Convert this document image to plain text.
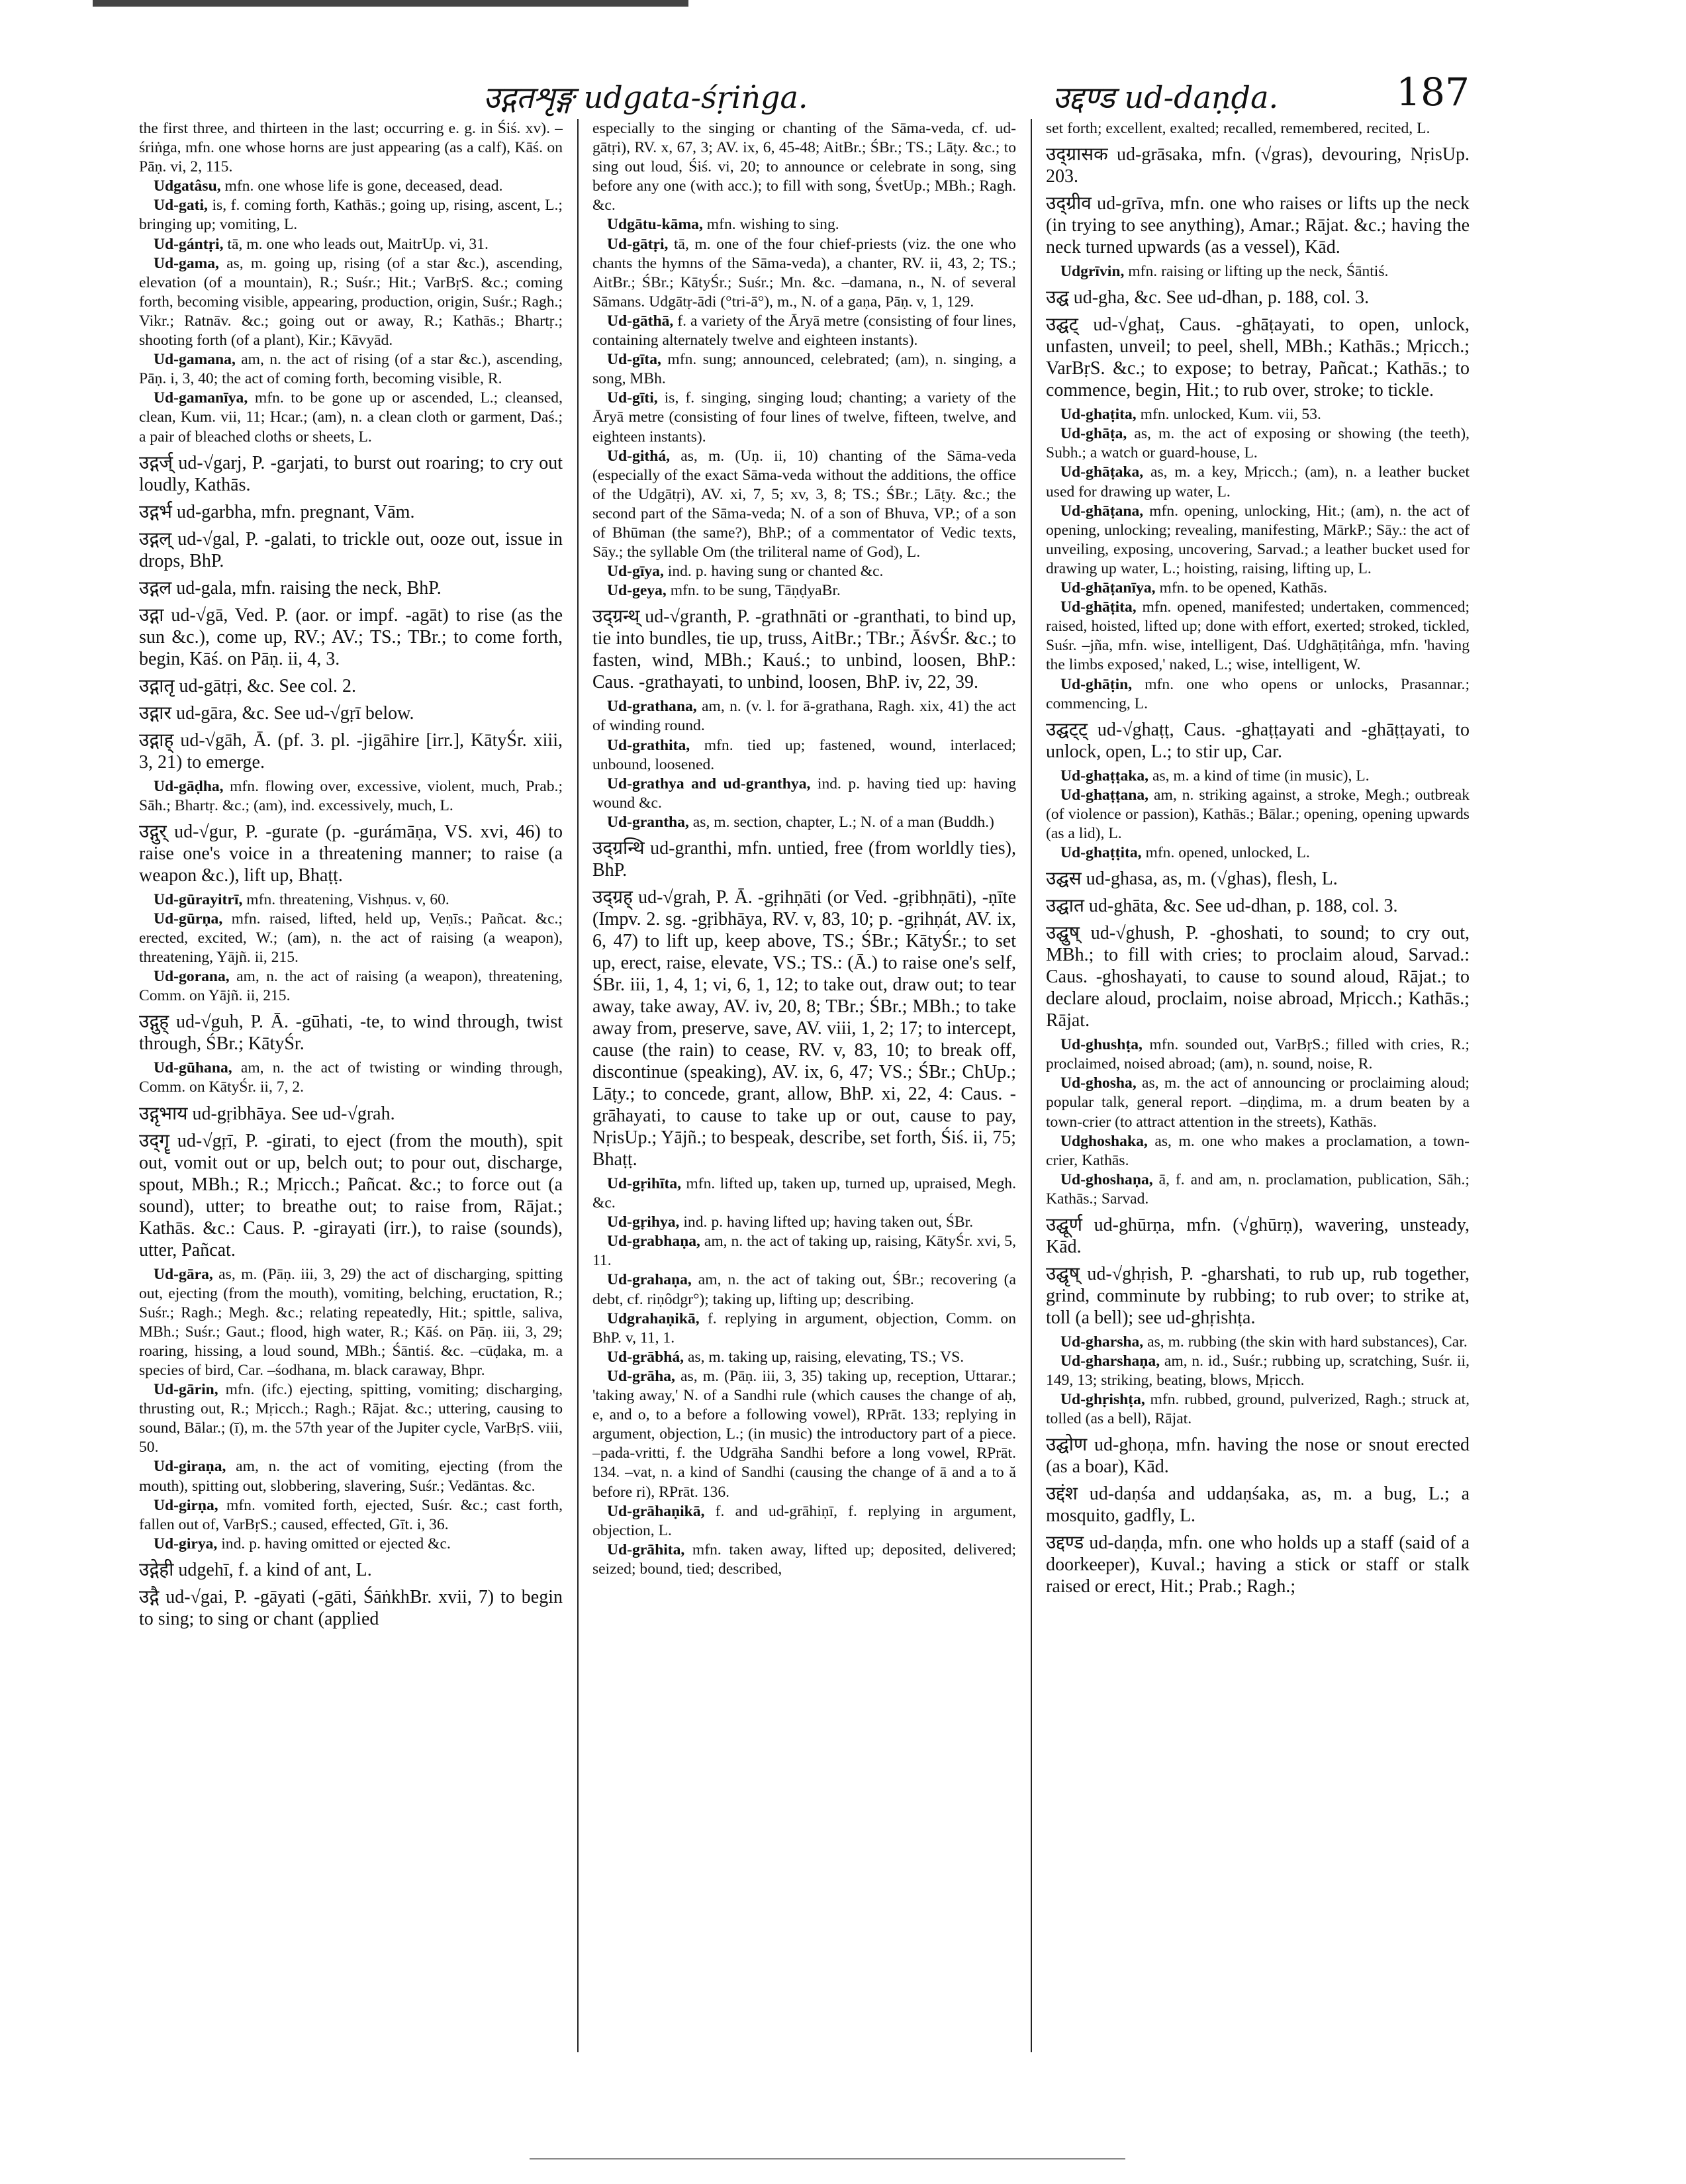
उद्गतशृङ्ग udgata-śṛiṅga.	उद्दण्ड ud-daṇḍa.	187

the first three, and thirteen in the last; occurring e. g. in Śiś. xv). –śriṅga, mfn. one whose horns are just appearing (as a calf), Kāś. on Pāṇ. vi, 2, 115.

Udgatâsu, mfn. one whose life is gone, deceased, dead.

Ud-gati, is, f. coming forth, Kathās.; going up, rising, ascent, L.; bringing up; vomiting, L.

Ud-gántṛi, tā, m. one who leads out, MaitrUp. vi, 31.

Ud-gama, as, m. going up, rising (of a star &c.), ascending, elevation (of a mountain), R.; Suśr.; Hit.; VarBṛS. &c.; coming forth, becoming visible, appearing, production, origin, Suśr.; Ragh.; Vikr.; Ratnāv. &c.; going out or away, R.; Kathās.; Bhartṛ.; shooting forth (of a plant), Kir.; Kāvyād.

Ud-gamana, am, n. the act of rising (of a star &c.), ascending, Pāṇ. i, 3, 40; the act of coming forth, becoming visible, R.

Ud-gamanīya, mfn. to be gone up or ascended, L.; cleansed, clean, Kum. vii, 11; Hcar.; (am), n. a clean cloth or garment, Daś.; a pair of bleached cloths or sheets, L.

उद्गर्ज् ud-√garj, P. -garjati, to burst out roaring; to cry out loudly, Kathās.

उद्गर्भ ud-garbha, mfn. pregnant, Vām.

उद्गल् ud-√gal, P. -galati, to trickle out, ooze out, issue in drops, BhP.

उद्गल ud-gala, mfn. raising the neck, BhP.

उद्गा ud-√gā, Ved. P. (aor. or impf. -agāt) to rise (as the sun &c.), come up, RV.; AV.; TS.; TBr.; to come forth, begin, Kāś. on Pāṇ. ii, 4, 3.

उद्गातृ ud-gātṛi, &c. See col. 2.

उद्गार ud-gāra, &c. See ud-√gṛī below.

उद्गाह् ud-√gāh, Ā. (pf. 3. pl. -jigāhire [irr.], KātyŚr. xiii, 3, 21) to emerge.

Ud-gāḍha, mfn. flowing over, excessive, violent, much, Prab.; Sāh.; Bhartṛ. &c.; (am), ind. excessively, much, L.

उद्गुर् ud-√gur, P. -gurate (p. -gurámāṇa, VS. xvi, 46) to raise one's voice in a threatening manner; to raise (a weapon &c.), lift up, Bhaṭṭ.

Ud-gūrayitrī, mfn. threatening, Vishṇus. v, 60.

Ud-gūrṇa, mfn. raised, lifted, held up, Veṇīs.; Pañcat. &c.; erected, excited, W.; (am), n. the act of raising (a weapon), threatening, Yājñ. ii, 215.

Ud-gorana, am, n. the act of raising (a weapon), threatening, Comm. on Yājñ. ii, 215.

उद्गुह् ud-√guh, P. Ā. -gūhati, -te, to wind through, twist through, ŚBr.; KātyŚr.

Ud-gūhana, am, n. the act of twisting or winding through, Comm. on KātyŚr. ii, 7, 2.

उद्गृभाय ud-gṛibhāya. See ud-√grah.

उद्गॄ ud-√gṛī, P. -girati, to eject (from the mouth), spit out, vomit out or up, belch out; to pour out, discharge, spout, MBh.; R.; Mṛicch.; Pañcat. &c.; to force out (a sound), utter; to breathe out; to raise from, Rājat.; Kathās. &c.: Caus. P. -girayati (irr.), to raise (sounds), utter, Pañcat.

Ud-gāra, as, m. (Pāṇ. iii, 3, 29) the act of discharging, spitting out, ejecting (from the mouth), vomiting, belching, eructation, R.; Suśr.; Ragh.; Megh. &c.; relating repeatedly, Hit.; spittle, saliva, MBh.; Suśr.; Gaut.; flood, high water, R.; Kāś. on Pāṇ. iii, 3, 29; roaring, hissing, a loud sound, MBh.; Śāntiś. &c. –cūḍaka, m. a species of bird, Car. –śodhana, m. black caraway, Bhpr.

Ud-gārin, mfn. (ifc.) ejecting, spitting, vomiting; discharging, thrusting out, R.; Mṛicch.; Ragh.; Rājat. &c.; uttering, causing to sound, Bālar.; (ī), m. the 57th year of the Jupiter cycle, VarBṛS. viii, 50.

Ud-giraṇa, am, n. the act of vomiting, ejecting (from the mouth), spitting out, slobbering, slavering, Suśr.; Vedāntas. &c.

Ud-girṇa, mfn. vomited forth, ejected, Suśr. &c.; cast forth, fallen out of, VarBṛS.; caused, effected, Gīt. i, 36.

Ud-girya, ind. p. having omitted or ejected &c.

उद्गेही udgehī, f. a kind of ant, L.

उद्गै ud-√gai, P. -gāyati (-gāti, ŚāṅkhBr. xvii, 7) to begin to sing; to sing or chant (applied

especially to the singing or chanting of the Sāma-veda, cf. ud-gātṛi), RV. x, 67, 3; AV. ix, 6, 45-48; AitBr.; ŚBr.; TS.; Lāṭy. &c.; to sing out loud, Śiś. vi, 20; to announce or celebrate in song, sing before any one (with acc.); to fill with song, ŚvetUp.; MBh.; Ragh. &c.

Udgātu-kāma, mfn. wishing to sing.

Ud-gātṛi, tā, m. one of the four chief-priests (viz. the one who chants the hymns of the Sāma-veda), a chanter, RV. ii, 43, 2; TS.; AitBr.; ŚBr.; KātyŚr.; Suśr.; Mn. &c. –damana, n., N. of several Sāmans. Udgātṛ-ādi (°tri-ā°), m., N. of a gaṇa, Pāṇ. v, 1, 129.

Ud-gāthā, f. a variety of the Āryā metre (consisting of four lines, containing alternately twelve and eighteen instants).

Ud-gīta, mfn. sung; announced, celebrated; (am), n. singing, a song, MBh.

Ud-gīti, is, f. singing, singing loud; chanting; a variety of the Āryā metre (consisting of four lines of twelve, fifteen, twelve, and eighteen instants).

Ud-githá, as, m. (Uṇ. ii, 10) chanting of the Sāma-veda (especially of the exact Sāma-veda without the additions, the office of the Udgātṛi), AV. xi, 7, 5; xv, 3, 8; TS.; ŚBr.; Lāṭy. &c.; the second part of the Sāma-veda; N. of a son of Bhuva, VP.; of a son of Bhūman (the same?), BhP.; of a commentator of Vedic texts, Sāy.; the syllable Om (the triliteral name of God), L.

Ud-gīya, ind. p. having sung or chanted &c.

Ud-geya, mfn. to be sung, TāṇḍyaBr.

उद्ग्रन्थ् ud-√granth, P. -grathnāti or -granthati, to bind up, tie into bundles, tie up, truss, AitBr.; TBr.; ĀśvŚr. &c.; to fasten, wind, MBh.; Kauś.; to unbind, loosen, BhP.: Caus. -grathayati, to unbind, loosen, BhP. iv, 22, 39.

Ud-grathana, am, n. (v. l. for ā-grathana, Ragh. xix, 41) the act of winding round.

Ud-grathita, mfn. tied up; fastened, wound, interlaced; unbound, loosened.

Ud-grathya and ud-granthya, ind. p. having tied up: having wound &c.

Ud-grantha, as, m. section, chapter, L.; N. of a man (Buddh.)

उद्ग्रन्थि ud-granthi, mfn. untied, free (from worldly ties), BhP.

उद्ग्रह् ud-√grah, P. Ā. -gṛihṇāti (or Ved. -gṛibhṇāti), -ṇīte (Impv. 2. sg. -gṛibhāya, RV. v, 83, 10; p. -gṛihṇát, AV. ix, 6, 47) to lift up, keep above, TS.; ŚBr.; KātyŚr.; to set up, erect, raise, elevate, VS.; TS.: (Ā.) to raise one's self, ŚBr. iii, 1, 4, 1; vi, 6, 1, 12; to take out, draw out; to tear away, take away, AV. iv, 20, 8; TBr.; ŚBr.; MBh.; to take away from, preserve, save, AV. viii, 1, 2; 17; to intercept, cause (the rain) to cease, RV. v, 83, 10; to break off, discontinue (speaking), AV. ix, 6, 47; VS.; ŚBr.; ChUp.; Lāṭy.; to concede, grant, allow, BhP. xi, 22, 4: Caus. -grāhayati, to cause to take up or out, cause to pay, NṛisUp.; Yājñ.; to bespeak, describe, set forth, Śiś. ii, 75; Bhaṭṭ.

Ud-gṛihīta, mfn. lifted up, taken up, turned up, upraised, Megh. &c.

Ud-gṛihya, ind. p. having lifted up; having taken out, ŚBr.

Ud-grabhaṇa, am, n. the act of taking up, raising, KātyŚr. xvi, 5, 11.

Ud-grahaṇa, am, n. the act of taking out, ŚBr.; recovering (a debt, cf. riṇôdgr°); taking up, lifting up; describing.

Udgrahaṇikā, f. replying in argument, objection, Comm. on BhP. v, 11, 1.

Ud-grābhá, as, m. taking up, raising, elevating, TS.; VS.

Ud-grāha, as, m. (Pāṇ. iii, 3, 35) taking up, reception, Uttarar.; 'taking away,' N. of a Sandhi rule (which causes the change of aḥ, e, and o, to a before a following vowel), RPrāt. 133; replying in argument, objection, L.; (in music) the introductory part of a piece. –pada-vritti, f. the Udgrāha Sandhi before a long vowel, RPrāt. 134. –vat, n. a kind of Sandhi (causing the change of ā and a to ă before ri), RPrāt. 136.

Ud-grāhaṇikā, f. and ud-grāhiṇī, f. replying in argument, objection, L.

Ud-grāhita, mfn. taken away, lifted up; deposited, delivered; seized; bound, tied; described,

set forth; excellent, exalted; recalled, remembered, recited, L.

उद्ग्रासक ud-grāsaka, mfn. (√gras), devouring, NṛisUp. 203.

उद्ग्रीव ud-grīva, mfn. one who raises or lifts up the neck (in trying to see anything), Amar.; Rājat. &c.; having the neck turned upwards (as a vessel), Kād.

Udgrīvin, mfn. raising or lifting up the neck, Śāntiś.

उद्घ ud-gha, &c. See ud-dhan, p. 188, col. 3.

उद्घट् ud-√ghaṭ, Caus. -ghāṭayati, to open, unlock, unfasten, unveil; to peel, shell, MBh.; Kathās.; Mṛicch.; VarBṛS. &c.; to expose; to betray, Pañcat.; Kathās.; to commence, begin, Hit.; to rub over, stroke; to tickle.

Ud-ghaṭita, mfn. unlocked, Kum. vii, 53.

Ud-ghāṭa, as, m. the act of exposing or showing (the teeth), Subh.; a watch or guard-house, L.

Ud-ghāṭaka, as, m. a key, Mṛicch.; (am), n. a leather bucket used for drawing up water, L.

Ud-ghāṭana, mfn. opening, unlocking, Hit.; (am), n. the act of opening, unlocking; revealing, manifesting, MārkP.; Sāy.: the act of unveiling, exposing, uncovering, Sarvad.; a leather bucket used for drawing up water, L.; hoisting, raising, lifting up, L.

Ud-ghāṭanīya, mfn. to be opened, Kathās.

Ud-ghāṭita, mfn. opened, manifested; undertaken, commenced; raised, hoisted, lifted up; done with effort, exerted; stroked, tickled, Suśr. –jña, mfn. wise, intelligent, Daś. Udghāṭitâṅga, mfn. 'having the limbs exposed,' naked, L.; wise, intelligent, W.

Ud-ghāṭin, mfn. one who opens or unlocks, Prasannar.; commencing, L.

उद्घट्ट् ud-√ghaṭṭ, Caus. -ghaṭṭayati and -ghāṭṭayati, to unlock, open, L.; to stir up, Car.

Ud-ghaṭṭaka, as, m. a kind of time (in music), L.

Ud-ghaṭṭana, am, n. striking against, a stroke, Megh.; outbreak (of violence or passion), Kathās.; Bālar.; opening, opening upwards (as a lid), L.

Ud-ghaṭṭita, mfn. opened, unlocked, L.

उद्घस ud-ghasa, as, m. (√ghas), flesh, L.

उद्घात ud-ghāta, &c. See ud-dhan, p. 188, col. 3.

उद्घुष् ud-√ghush, P. -ghoshati, to sound; to cry out, MBh.; to fill with cries; to proclaim aloud, Sarvad.: Caus. -ghoshayati, to cause to sound aloud, Rājat.; to declare aloud, proclaim, noise abroad, Mṛicch.; Kathās.; Rājat.

Ud-ghushṭa, mfn. sounded out, VarBṛS.; filled with cries, R.; proclaimed, noised abroad; (am), n. sound, noise, R.

Ud-ghosha, as, m. the act of announcing or proclaiming aloud; popular talk, general report. –diṇḍima, m. a drum beaten by a town-crier (to attract attention in the streets), Kathās.

Udghoshaka, as, m. one who makes a proclamation, a town-crier, Kathās.

Ud-ghoshaṇa, ā, f. and am, n. proclamation, publication, Sāh.; Kathās.; Sarvad.

उद्घूर्ण ud-ghūrṇa, mfn. (√ghūrṇ), wavering, unsteady, Kād.

उद्घृष् ud-√ghṛish, P. -gharshati, to rub up, rub together, grind, comminute by rubbing; to rub over; to strike at, toll (a bell); see ud-ghṛishṭa.

Ud-gharsha, as, m. rubbing (the skin with hard substances), Car.

Ud-gharshaṇa, am, n. id., Suśr.; rubbing up, scratching, Suśr. ii, 149, 13; striking, beating, blows, Mṛicch.

Ud-ghṛishṭa, mfn. rubbed, ground, pulverized, Ragh.; struck at, tolled (as a bell), Rājat.

उद्घोण ud-ghoṇa, mfn. having the nose or snout erected (as a boar), Kād.

उद्दंश ud-daṇśa and uddaṇśaka, as, m. a bug, L.; a mosquito, gadfly, L.

उद्दण्ड ud-daṇḍa, mfn. one who holds up a staff (said of a doorkeeper), Kuval.; having a stick or staff or stalk raised or erect, Hit.; Prab.; Ragh.;
